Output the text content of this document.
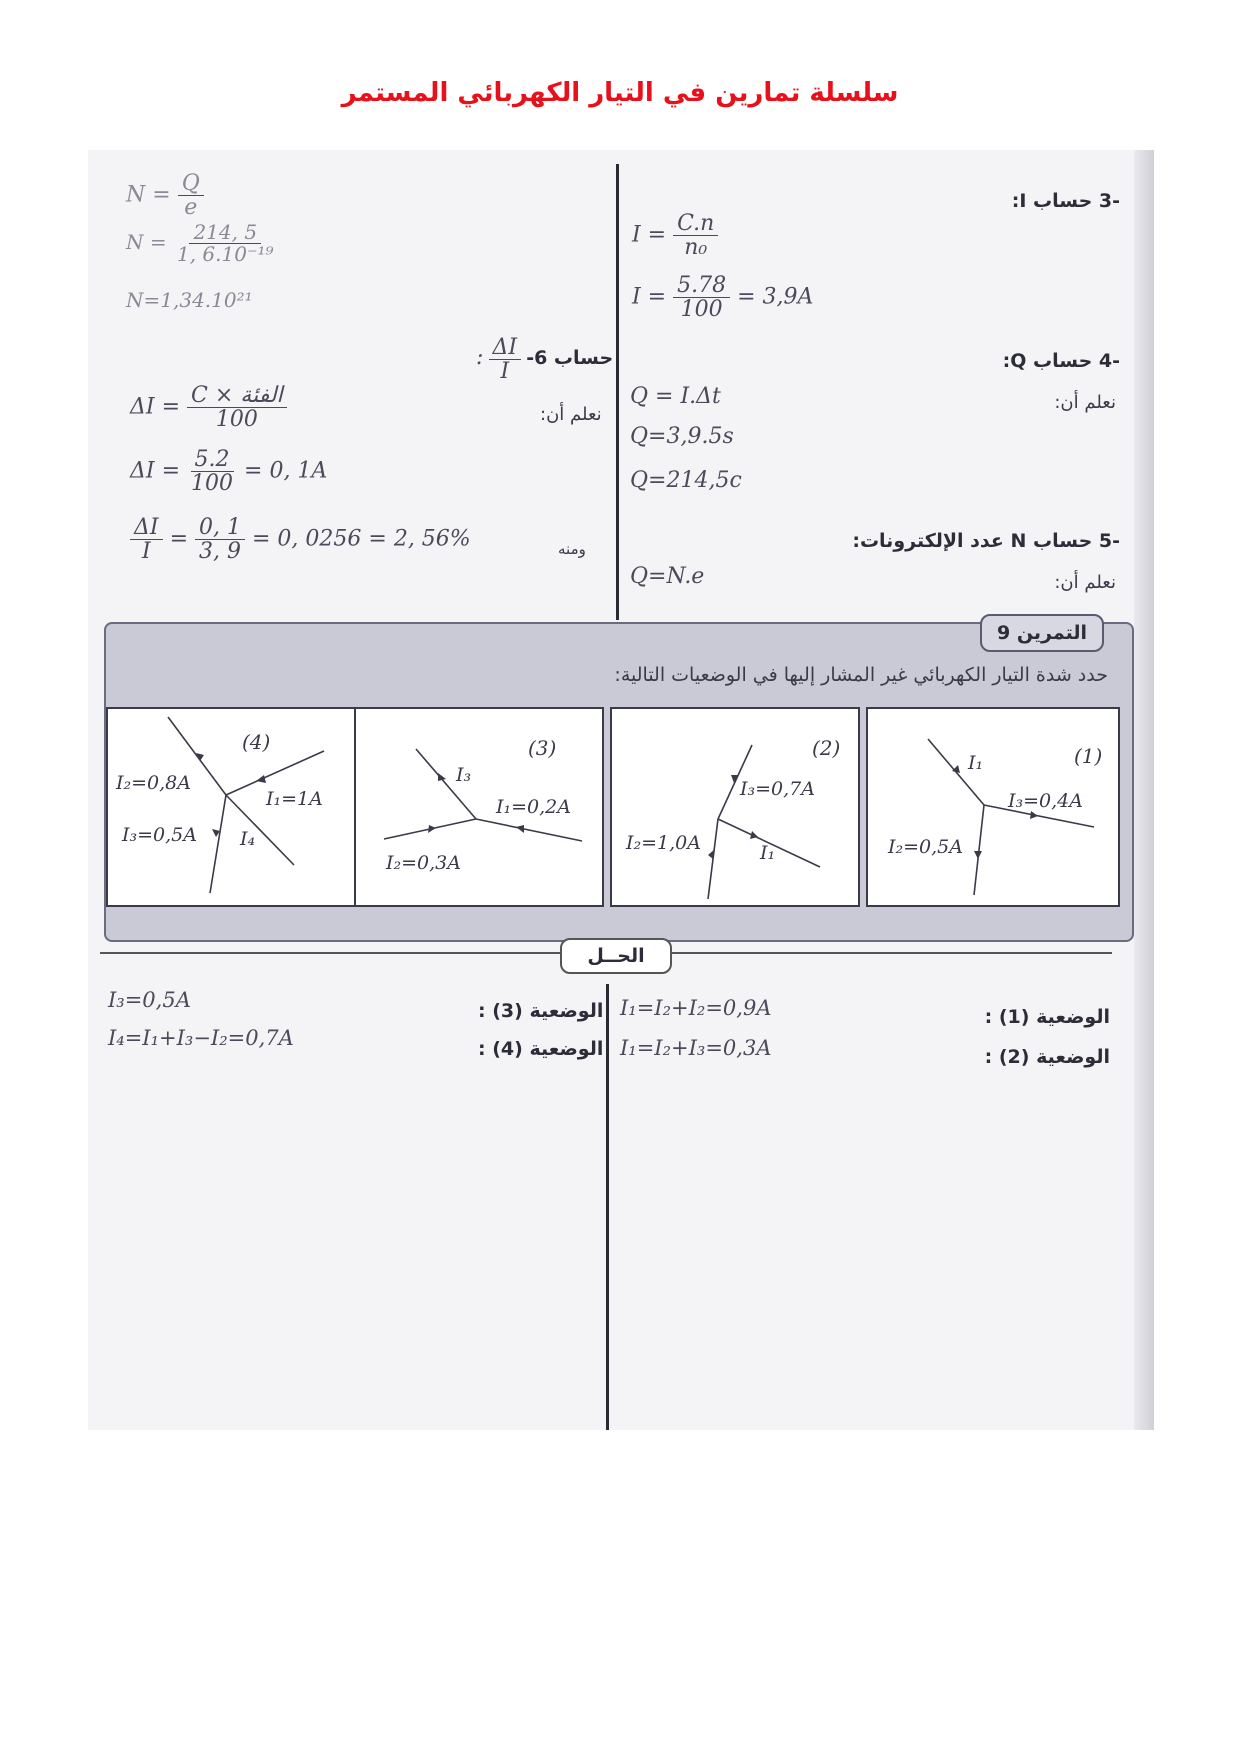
سلسلة تمارين في التيار الكهربائي المستمر
-3 حساب I:
$I = \frac{C.n}{\text{n₀}}$
$I = \frac{5.78}{100} = 3,9A$
-4 حساب Q:
نعلم أن:
Q = I.Δt
Q=3,9.5s
Q=214,5c
-5 حساب N عدد الإلكترونات:
نعلم أن:
Q=N.e
$N = \frac{Q}{e}$
$N = \frac{214, 5}{\text{1, 6.10⁻¹⁹}}$
N=1,34.10²¹
: $\frac{\Delta I}{I} -6$ حساب
نعلم أن:
ΔI = C × الفئة
100
$\Delta I = \frac{5.2}{100} = 0$, 1A
$\frac{\Delta I}{I} = \frac{0, 1}{3, 9} = 0$, 0256 = 2, 56%	ومنه
التمرين 9
حدد شدة التيار الكهربائي غير المشار إليها في الوضعيات التالية:
(1)
I₁
I₃=0,4A
I₂=0,5A
(2)
I₃=0,7A
I₂=1,0A	I₁
(3)
I₃
I₁=0,2A
I₂=0,3A
(4)
I₂=0,8A
I₁=1A
I₃=0,5A I₄
الحــل
الوضعية (1) :
I₁=I₂+I₂=0,9A
الوضعية (2) :
I₁=I₂+I₃=0,3A
الوضعية (3) :
I₃=0,5A
الوضعية (4) :
I₄=I₁+I₃−I₂=0,7A
